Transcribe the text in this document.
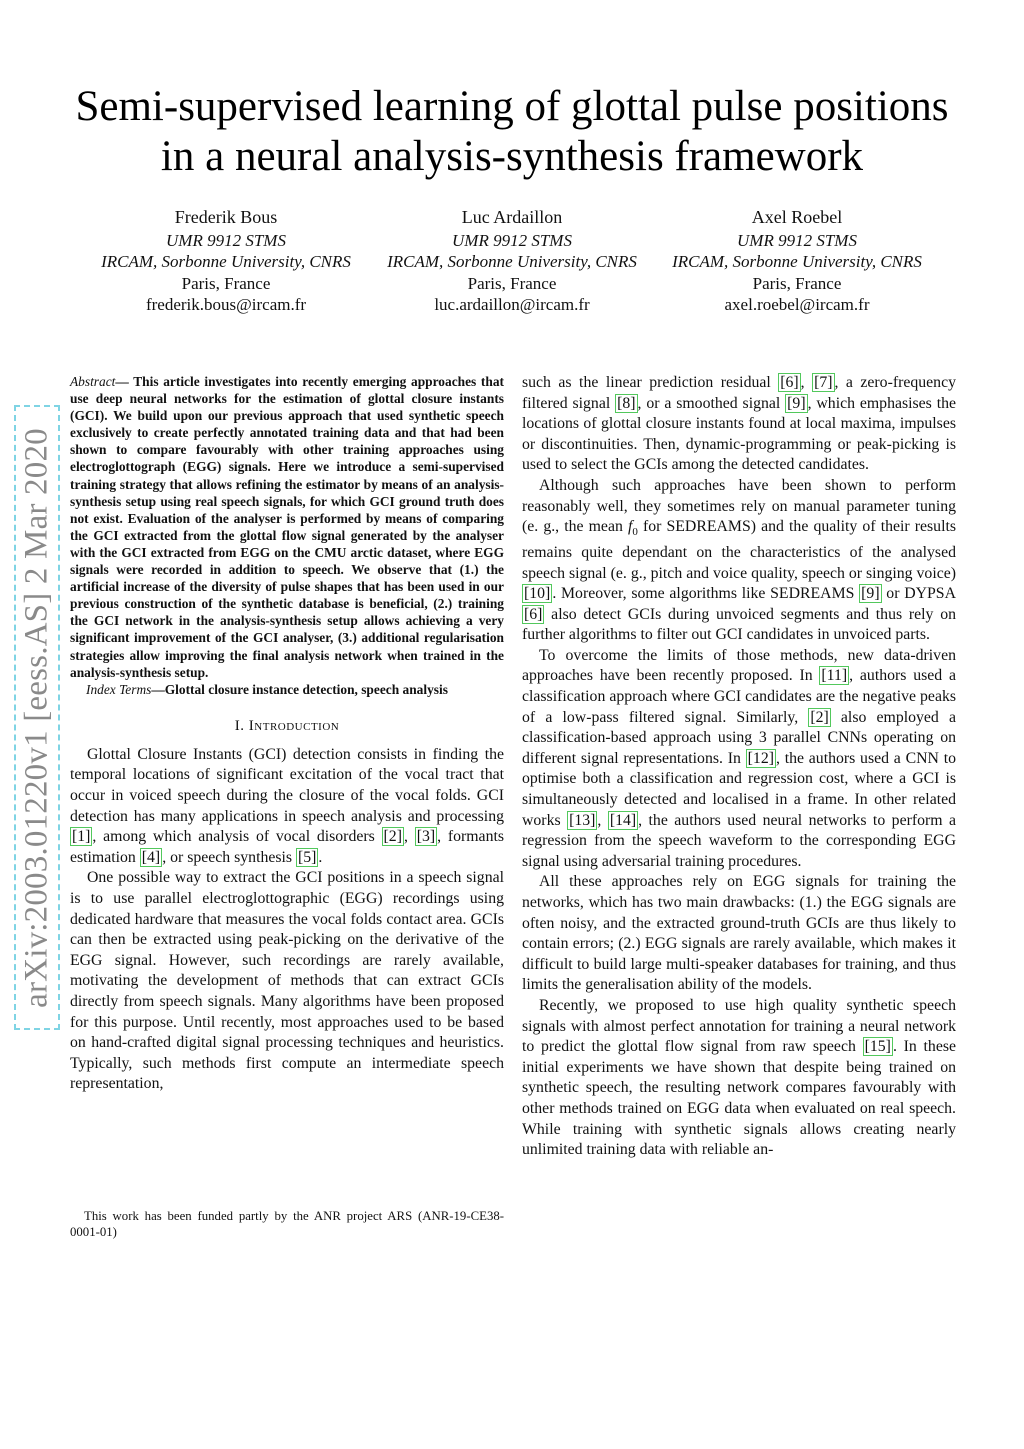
arXiv:2003.01220v1 [eess.AS] 2 Mar 2020
Semi-supervised learning of glottal pulse positions
in a neural analysis-synthesis framework
Frederik Bous
UMR 9912 STMS
IRCAM, Sorbonne University, CNRS
Paris, France
frederik.bous@ircam.fr
Luc Ardaillon
UMR 9912 STMS
IRCAM, Sorbonne University, CNRS
Paris, France
luc.ardaillon@ircam.fr
Axel Roebel
UMR 9912 STMS
IRCAM, Sorbonne University, CNRS
Paris, France
axel.roebel@ircam.fr

Abstract— This article investigates into recently emerging approaches that use deep neural networks for the estimation of glottal closure instants (GCI). We build upon our previous approach that used synthetic speech exclusively to create perfectly annotated training data and that had been shown to compare favourably with other training approaches using electroglottograph (EGG) signals. Here we introduce a semi-supervised training strategy that allows refining the estimator by means of an analysis-synthesis setup using real speech signals, for which GCI ground truth does not exist. Evaluation of the analyser is performed by means of comparing the GCI extracted from the glottal flow signal generated by the analyser with the GCI extracted from EGG on the CMU arctic dataset, where EGG signals were recorded in addition to speech. We observe that (1.) the artificial increase of the diversity of pulse shapes that has been used in our previous construction of the synthetic database is beneficial, (2.) training the GCI network in the analysis-synthesis setup allows achieving a very significant improvement of the GCI analyser, (3.) additional regularisation strategies allow improving the final analysis network when trained in the analysis-synthesis setup.

Index Terms—Glottal closure instance detection, speech analysis

I. Introduction

Glottal Closure Instants (GCI) detection consists in finding the temporal locations of significant excitation of the vocal tract that occur in voiced speech during the closure of the vocal folds. GCI detection has many applications in speech analysis and processing [1] , among which analysis of vocal disorders [2] , [3] , formants estimation [4] , or speech synthesis [5] .

One possible way to extract the GCI positions in a speech signal is to use parallel electroglottographic (EGG) recordings using dedicated hardware that measures the vocal folds contact area. GCIs can then be extracted using peak-picking on the derivative of the EGG signal. However, such recordings are rarely available, motivating the development of methods that can extract GCIs directly from speech signals. Many algorithms have been proposed for this purpose. Until recently, most approaches used to be based on hand-crafted digital signal processing techniques and heuristics. Typically, such methods first compute an intermediate speech representation,

This work has been funded partly by the ANR project ARS (ANR-19-CE38-0001-01)

such as the linear prediction residual [6] , [7] , a zero-frequency filtered signal [8] , or a smoothed signal [9] , which emphasises the locations of glottal closure instants found at local maxima, impulses or discontinuities. Then, dynamic-programming or peak-picking is used to select the GCIs among the detected candidates.

Although such approaches have been shown to perform reasonably well, they sometimes rely on manual parameter tuning (e. g., the mean $f_0$ for SEDREAMS) and the quality of their results remains quite dependant on the characteristics of the analysed speech signal (e. g., pitch and voice quality, speech or singing voice) [10] . Moreover, some algorithms like SEDREAMS [9] or DYPSA [6] also detect GCIs during unvoiced segments and thus rely on further algorithms to filter out GCI candidates in unvoiced parts.

To overcome the limits of those methods, new data-driven approaches have been recently proposed. In [11] , authors used a classification approach where GCI candidates are the negative peaks of a low-pass filtered signal. Similarly, [2] also employed a classification-based approach using 3 parallel CNNs operating on different signal representations. In [12] , the authors used a CNN to optimise both a classification and regression cost, where a GCI is simultaneously detected and localised in a frame. In other related works [13] , [14] , the authors used neural networks to perform a regression from the speech waveform to the corresponding EGG signal using adversarial training procedures.

All these approaches rely on EGG signals for training the networks, which has two main drawbacks: (1.) the EGG signals are often noisy, and the extracted ground-truth GCIs are thus likely to contain errors; (2.) EGG signals are rarely available, which makes it difficult to build large multi-speaker databases for training, and thus limits the generalisation ability of the models.

Recently, we proposed to use high quality synthetic speech signals with almost perfect annotation for training a neural network to predict the glottal flow signal from raw speech [15] . In these initial experiments we have shown that despite being trained on synthetic speech, the resulting network compares favourably with other methods trained on EGG data when evaluated on real speech. While training with synthetic signals allows creating nearly unlimited training data with reliable an-
